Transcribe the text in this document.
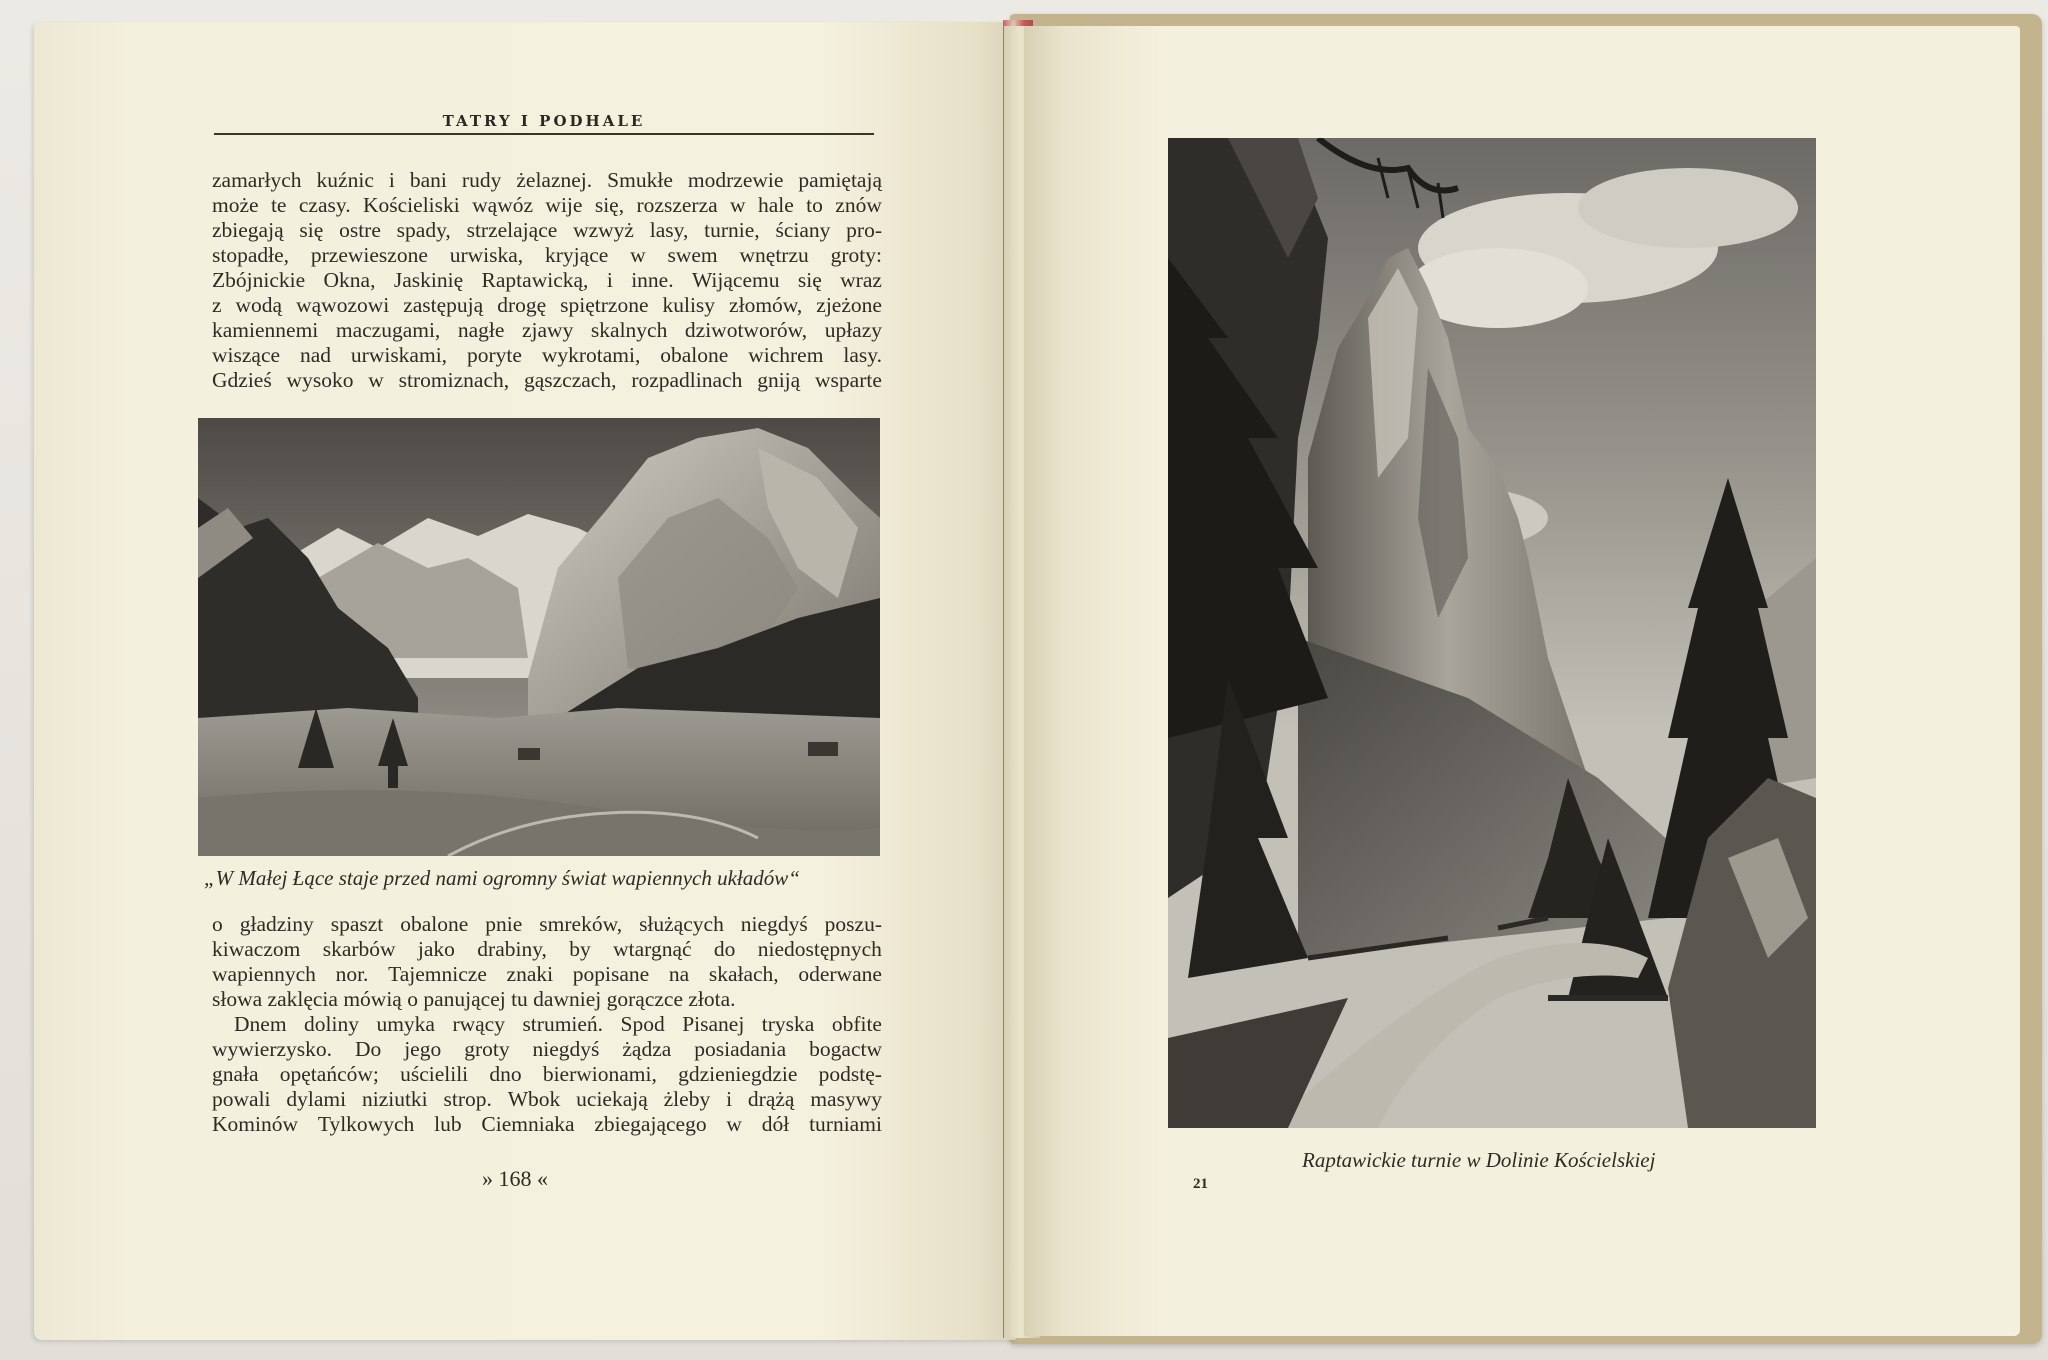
TATRY I PODHALE
zamarłych kuźnic i bani rudy żelaznej. Smukłe modrzewie pamiętają
może te czasy. Kościeliski wąwóz wije się, rozszerza w hale to znów
zbiegają się ostre spady, strzelające wzwyż lasy, turnie, ściany pro-
stopadłe, przewieszone urwiska, kryjące w swem wnętrzu groty:
Zbójnickie Okna, Jaskinię Raptawicką, i inne. Wijącemu się wraz
z wodą wąwozowi zastępują drogę spiętrzone kulisy złomów, zjeżone
kamiennemi maczugami, nagłe zjawy skalnych dziwotworów, upłazy
wiszące nad urwiskami, poryte wykrotami, obalone wichrem lasy.
Gdzieś wysoko w stromiznach, gąszczach, rozpadlinach gniją wsparte
„W Małej Łące staje przed nami ogromny świat wapiennych układów“
o gładziny spaszt obalone pnie smreków, służących niegdyś poszu-
kiwaczom skarbów jako drabiny, by wtargnąć do niedostępnych
wapiennych nor. Tajemnicze znaki popisane na skałach, oderwane
słowa zaklęcia mówią o panującej tu dawniej gorączce złota.
Dnem doliny umyka rwący strumień. Spod Pisanej tryska obfite
wywierzysko. Do jego groty niegdyś żądza posiadania bogactw
gnała opętańców; uścielili dno bierwionami, gdzieniegdzie podstę-
powali dylami niziutki strop. Wbok uciekają żleby i drążą masywy
Kominów Tylkowych lub Ciemniaka zbiegającego w dół turniami
» 168 «
Raptawickie turnie w Dolinie Kościelskiej
21
